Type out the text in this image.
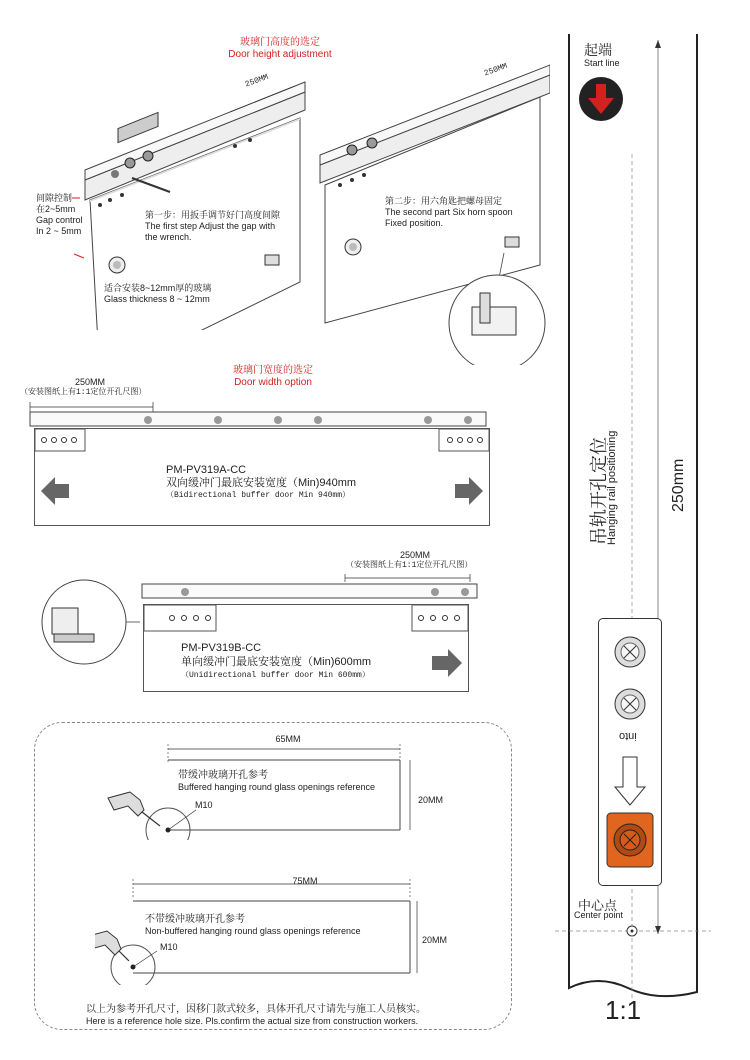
玻璃门高度的选定
Door height adjustment
250MM
间隙控制
在2~5mm
Gap control
In 2 ~ 5mm
第一步：用扳手调节好门高度间隙
The first step Adjust the gap with
the wrench.
适合安装8~12mm厚的玻璃
Glass thickness 8 ~ 12mm
250MM
第二步：用六角匙把螺母固定
The second part Six horn spoon
Fixed position.
玻璃门宽度的选定
Door width option
250MM
（安装图纸上有1:1定位开孔尺图）
PM-PV319A-CC
双向缓冲门最底安装宽度（Min)940mm
（Bidirectional buffer door Min 940mm）
250MM
（安装图纸上有1:1定位开孔尺图）
PM-PV319B-CC
单向缓冲门最底安装宽度（Min)600mm
（Unidirectional buffer door Min 600mm）
65MM
20MM
带缓冲玻璃开孔参考
Buffered hanging round glass openings reference
M10
75MM
20MM
不带缓冲玻璃开孔参考
Non-buffered hanging round glass openings reference
M10
以上为参考开孔尺寸，因移门款式较多，具体开孔尺寸请先与施工人员核实。
Here is a reference hole size. Pls.confirm the actual size from construction workers.
起端
Start line
吊轨开孔定位
Hanging rail positioning	250mm
into
中心点
Center point
1:1
